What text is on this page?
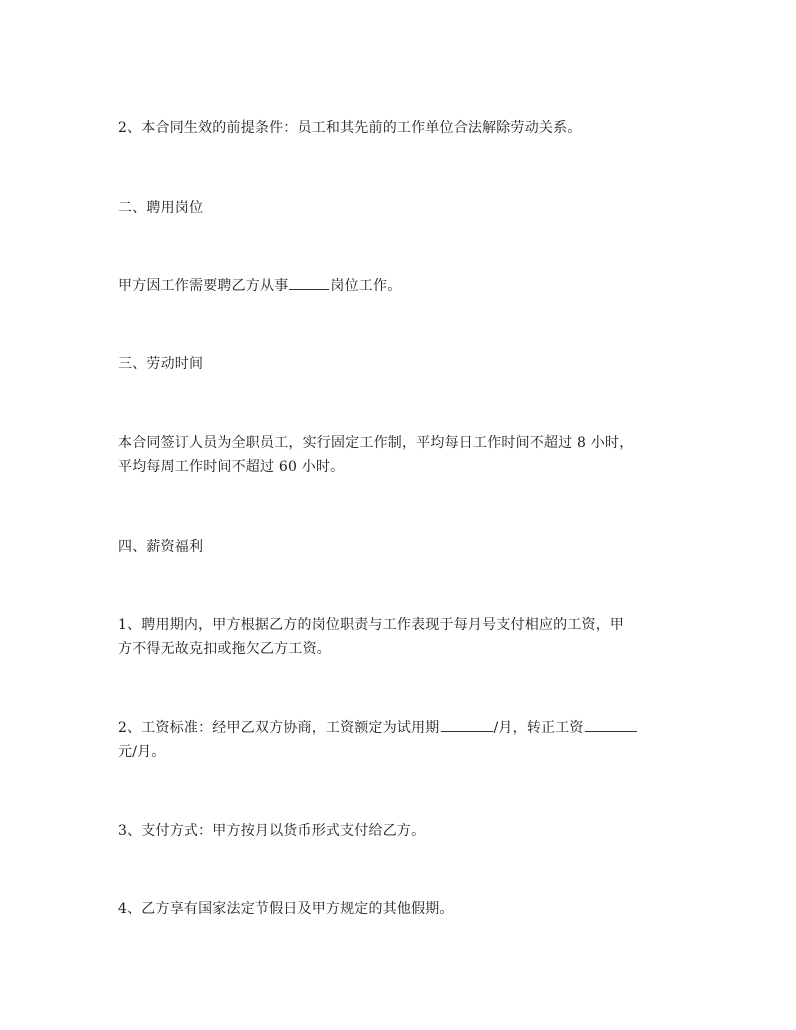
2、本合同生效的前提条件：员工和其先前的工作单位合法解除劳动关系。

二、聘用岗位

甲方因工作需要聘乙方从事	岗位工作。

三、劳动时间

本合同签订人员为全职员工，实行固定工作制，平均每日工作时间不超过 8 小时，
平均每周工作时间不超过 60 小时。

四、薪资福利

1、聘用期内，甲方根据乙方的岗位职责与工作表现于每月号支付相应的工资，甲
方不得无故克扣或拖欠乙方工资。

2、工资标准：经甲乙双方协商，工资额定为试用期	/月，转正工资
元/月。

3、支付方式：甲方按月以货币形式支付给乙方。

4、乙方享有国家法定节假日及甲方规定的其他假期。
